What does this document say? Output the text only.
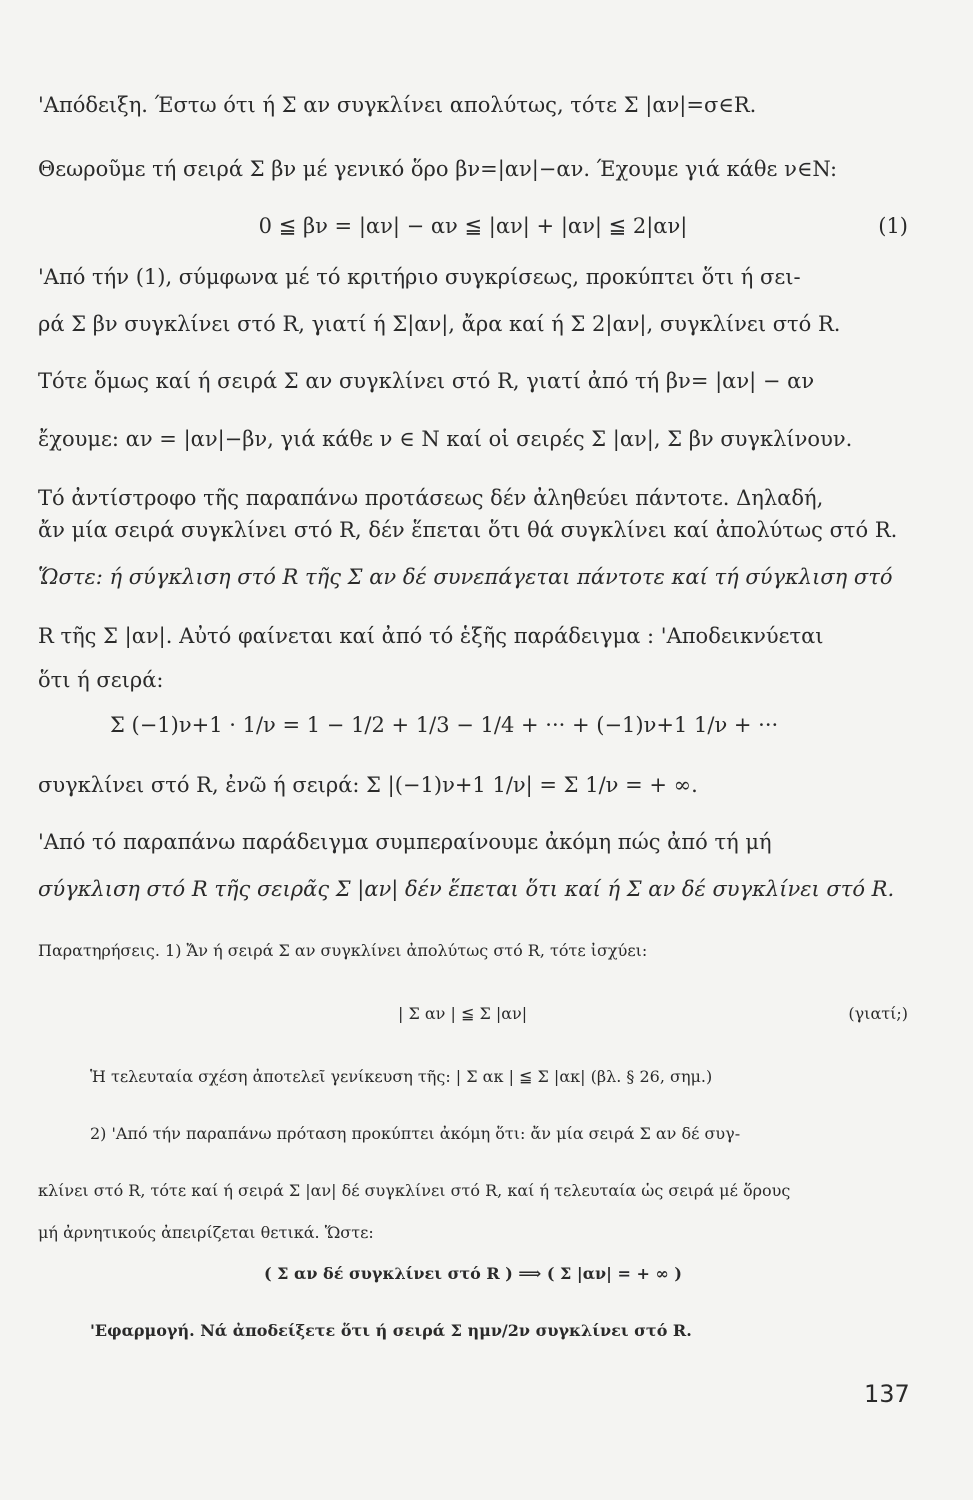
'Απόδειξη. Έστω ότι ή Σ αν συγκλίνει απολύτως, τότε Σ |αν|=σ∈R.
Θεωροῦμε τή σειρά Σ βν μέ γενικό ὅρο βν=|αν|−αν. Έχουμε γιά κάθε ν∈N:
0 ≦ βν = |αν| − αν ≦ |αν| + |αν| ≦ 2|αν|	(1)
'Από τήν (1), σύμφωνα μέ τό κριτήριο συγκρίσεως, προκύπτει ὅτι ή σει-
ρά Σ βν συγκλίνει στό R, γιατί ή Σ|αν|, ἄρα καί ή Σ 2|αν|, συγκλίνει στό R.
Τότε ὅμως καί ή σειρά Σ αν συγκλίνει στό R, γιατί ἀπό τή βν= |αν| − αν
ἔχουμε: αν = |αν|−βν, γιά κάθε ν ∈ N καί οἱ σειρές Σ |αν|, Σ βν συγκλίνουν.
Τό ἀντίστροφο τῆς παραπάνω προτάσεως δέν ἀληθεύει πάντοτε. Δηλαδή,
ἄν μία σειρά συγκλίνει στό R, δέν ἕπεται ὅτι θά συγκλίνει καί ἀπολύτως στό R.
Ὥστε: ή σύγκλιση στό R τῆς Σ αν δέ συνεπάγεται πάντοτε καί τή σύγκλιση στό
R τῆς Σ |αν|. Αὐτό φαίνεται καί ἀπό τό ἑξῆς παράδειγμα : 'Αποδεικνύεται
ὅτι ή σειρά:
Σ (−1)ν+1 · 1/ν = 1 − 1/2 + 1/3 − 1/4 + ··· + (−1)ν+1 1/ν + ···
συγκλίνει στό R, ἐνῶ ή σειρά: Σ |(−1)ν+1 1/ν| = Σ 1/ν = + ∞.
'Από τό παραπάνω παράδειγμα συμπεραίνουμε ἀκόμη πώς ἀπό τή μή
σύγκλιση στό R τῆς σειρᾶς Σ |αν| δέν ἕπεται ὅτι καί ή Σ αν δέ συγκλίνει στό R.
Παρατηρήσεις. 1) Ἄν ή σειρά Σ αν συγκλίνει ἀπολύτως στό R, τότε ἰσχύει:
| Σ αν | ≦ Σ |αν|	(γιατί;)
Ἡ τελευταία σχέση ἀποτελεῖ γενίκευση τῆς: | Σ ακ | ≦ Σ |ακ| (βλ. § 26, σημ.)
2) 'Από τήν παραπάνω πρόταση προκύπτει ἀκόμη ὅτι: ἄν μία σειρά Σ αν δέ συγ-
κλίνει στό R, τότε καί ή σειρά Σ |αν| δέ συγκλίνει στό R, καί ή τελευταία ὡς σειρά μέ ὅρους
μή ἀρνητικούς ἀπειρίζεται θετικά. Ὥστε:
( Σ αν δέ συγκλίνει στό R ) ⟹ ( Σ |αν| = + ∞ )
'Εφαρμογή. Νά ἀποδείξετε ὅτι ή σειρά Σ ημν/2ν συγκλίνει στό R.
137
